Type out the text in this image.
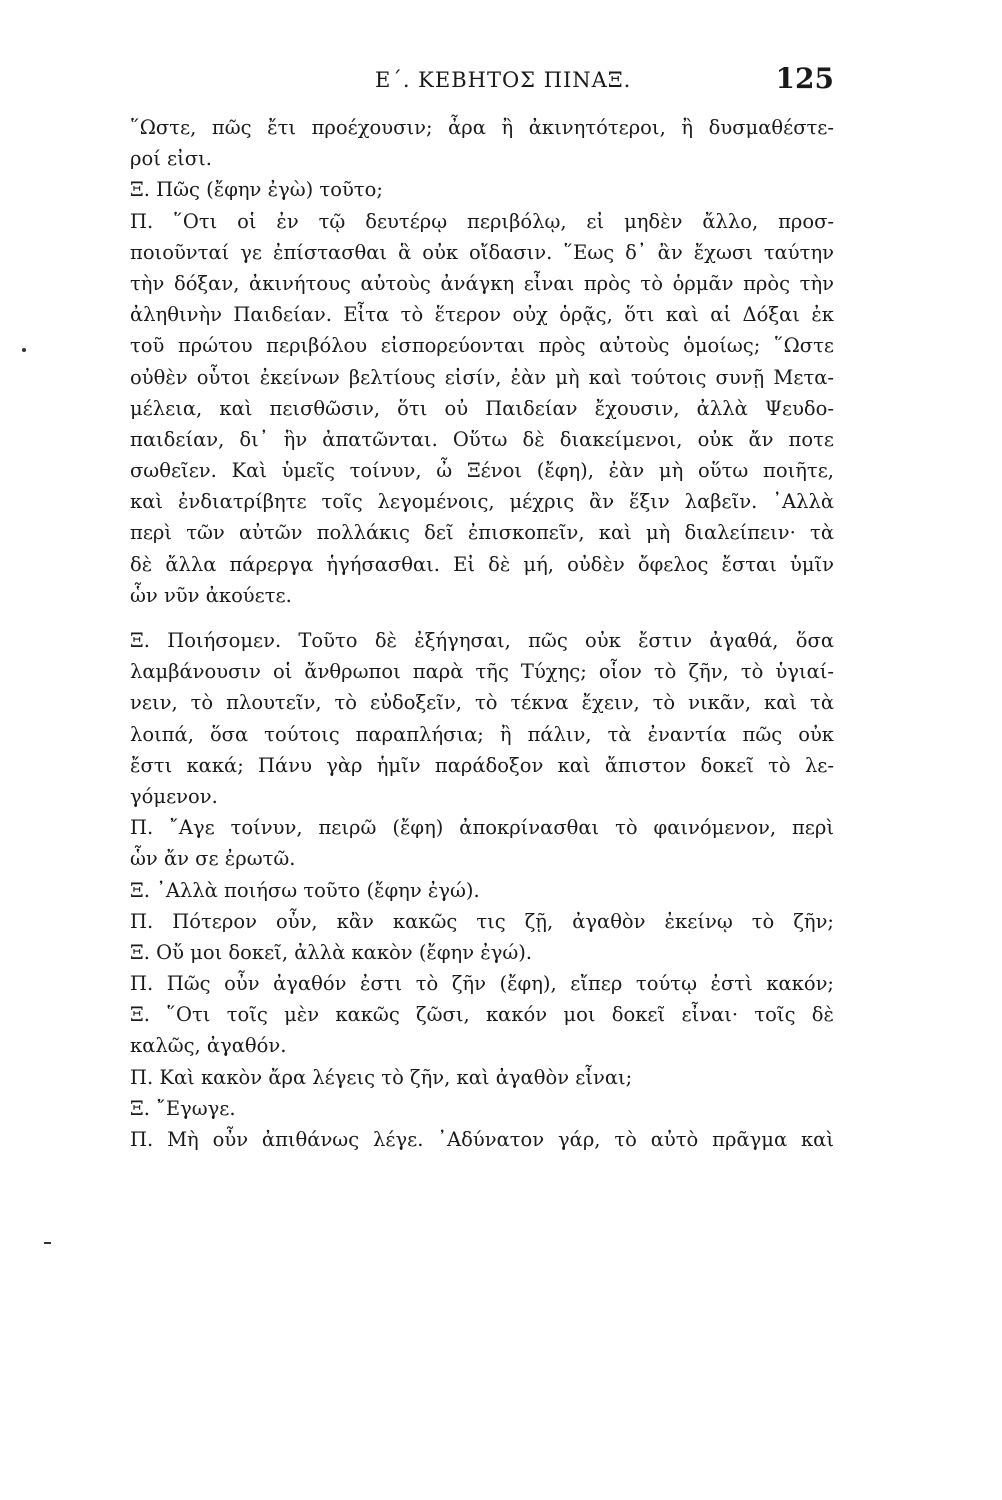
Ε΄. ΚΕΒΗΤΟΣ ΠΙΝΑΞ.	125
῞Ωστε, πῶς ἔτι προέχουσιν; ἆρα ἢ ἀκινητότεροι, ἢ δυσμαθέστε-
ροί εἰσι.
Ξ. Πῶς (ἔφην ἐγὼ) τοῦτο;
Π. ῞Οτι οἱ ἐν τῷ δευτέρῳ περιβόλῳ, εἰ μηδὲν ἄλλο, προσ-
ποιοῦνταί γε ἐπίστασθαι ἃ οὐκ οἴδασιν. ῞Εως δ᾽ ἂν ἔχωσι ταύτην
τὴν δόξαν, ἀκινήτους αὐτοὺς ἀνάγκη εἶναι πρὸς τὸ ὁρμᾶν πρὸς τὴν
ἀληθινὴν Παιδείαν. Εἶτα τὸ ἕτερον οὐχ ὁρᾷς, ὅτι καὶ αἱ Δόξαι ἐκ
τοῦ πρώτου περιβόλου εἰσπορεύονται πρὸς αὐτοὺς ὁμοίως; ῞Ωστε
οὐθὲν οὗτοι ἐκείνων βελτίους εἰσίν, ἐὰν μὴ καὶ τούτοις συνῇ Μετα-
μέλεια, καὶ πεισθῶσιν, ὅτι οὐ Παιδείαν ἔχουσιν, ἀλλὰ Ψευδο-
παιδείαν, δι᾽ ἣν ἀπατῶνται. Οὕτω δὲ διακείμενοι, οὐκ ἄν ποτε
σωθεῖεν. Καὶ ὑμεῖς τοίνυν, ὦ Ξένοι (ἔφη), ἐὰν μὴ οὕτω ποιῆτε,
καὶ ἐνδιατρίβητε τοῖς λεγομένοις, μέχρις ἂν ἕξιν λαβεῖν. ᾿Αλλὰ
περὶ τῶν αὐτῶν πολλάκις δεῖ ἐπισκοπεῖν, καὶ μὴ διαλείπειν· τὰ
δὲ ἄλλα πάρεργα ἡγήσασθαι. Εἰ δὲ μή, οὐδὲν ὄφελος ἔσται ὑμῖν
ὧν νῦν ἀκούετε.
Ξ. Ποιήσομεν. Τοῦτο δὲ ἐξήγησαι, πῶς οὐκ ἔστιν ἀγαθά, ὅσα
λαμβάνουσιν οἱ ἄνθρωποι παρὰ τῆς Τύχης; οἷον τὸ ζῆν, τὸ ὑγιαί-
νειν, τὸ πλουτεῖν, τὸ εὐδοξεῖν, τὸ τέκνα ἔχειν, τὸ νικᾶν, καὶ τὰ
λοιπά, ὅσα τούτοις παραπλήσια; ἢ πάλιν, τὰ ἐναντία πῶς οὐκ
ἔστι κακά; Πάνυ γὰρ ἡμῖν παράδοξον καὶ ἄπιστον δοκεῖ τὸ λε-
γόμενον.
Π. ῎Αγε τοίνυν, πειρῶ (ἔφη) ἀποκρίνασθαι τὸ φαινόμενον, περὶ
ὧν ἄν σε ἐρωτῶ.
Ξ. ᾿Αλλὰ ποιήσω τοῦτο (ἔφην ἐγώ).
Π. Πότερον οὖν, κἂν κακῶς τις ζῇ, ἀγαθὸν ἐκείνῳ τὸ ζῆν;
Ξ. Οὔ μοι δοκεῖ, ἀλλὰ κακὸν (ἔφην ἐγώ).
Π. Πῶς οὖν ἀγαθόν ἐστι τὸ ζῆν (ἔφη), εἴπερ τούτῳ ἐστὶ κακόν;
Ξ. ῞Οτι τοῖς μὲν κακῶς ζῶσι, κακόν μοι δοκεῖ εἶναι· τοῖς δὲ
καλῶς, ἀγαθόν.
Π. Καὶ κακὸν ἄρα λέγεις τὸ ζῆν, καὶ ἀγαθὸν εἶναι;
Ξ. ῎Εγωγε.
Π. Μὴ οὖν ἀπιθάνως λέγε. ᾿Αδύνατον γάρ, τὸ αὐτὸ πρᾶγμα καὶ
